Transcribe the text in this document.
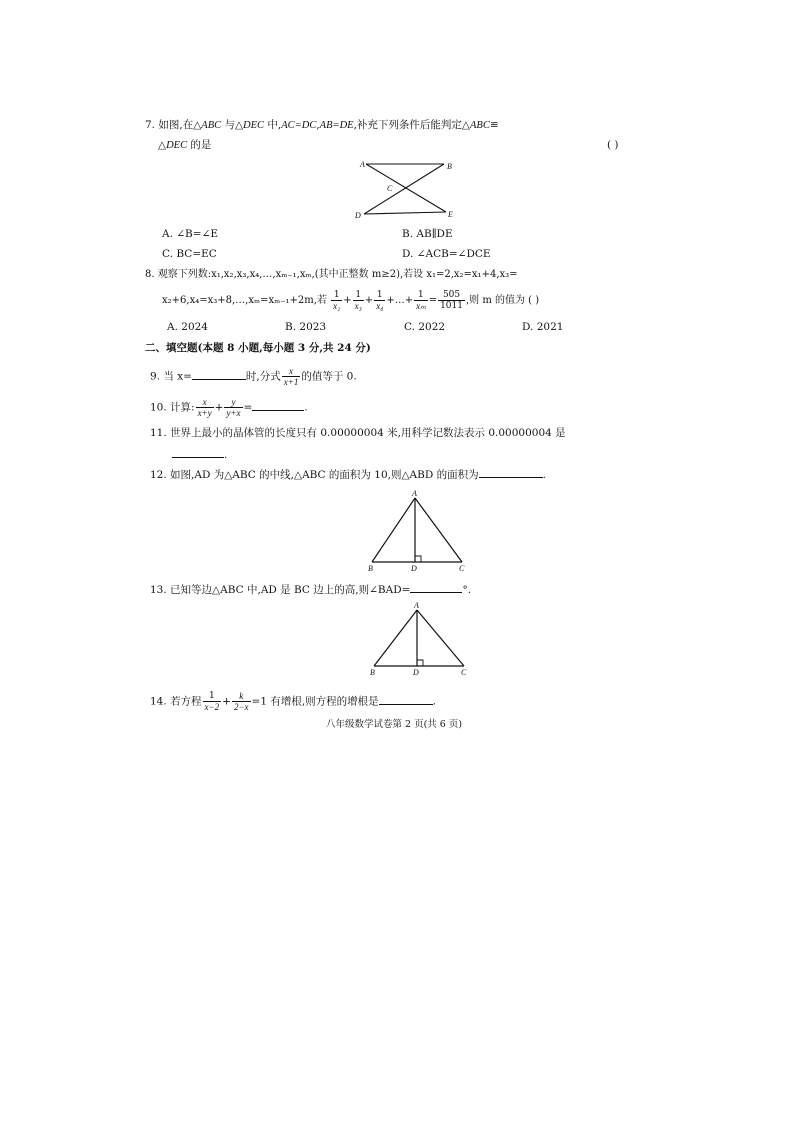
7. 如图,在△ABC 与△DEC 中,AC=DC,AB=DE,补充下列条件后能判定△ABC≌
△DEC 的是	( )
A	B
C
D	E
A. ∠B=∠E	B. AB∥DE
C. BC=EC	D. ∠ACB=∠DCE
8. 观察下列数:x₁,x₂,x₃,x₄,…,xₘ₋₁,xₘ,(其中正整数 m≥2),若设 x₁=2,x₂=x₁+4,x₃=
x₂+6,x₄=x₃+8,…,xₘ=xₘ₋₁+2m,若 $\frac{1}{\text{x₂}} + \frac{1}{\text{x₃}} + \frac{1}{\text{x₄}}$ +…+ $\frac{1}{\text{xₘ}} = \frac{505}{1011}$ ,则 m 的值为 ( )
A. 2024	B. 2023	C. 2022	D. 2021
二、填空题(本题 8 小题,每小题 3 分,共 24 分)
9. 当 x=	时,分式 $\frac{x}{x+1}$ 的值等于 0.
10. 计算: $\frac{x}{x+y} + \frac{y}{y+x}$ =	.
11. 世界上最小的晶体管的长度只有 0.00000004 米,用科学记数法表示 0.00000004 是
.
12. 如图,AD 为△ABC 的中线,△ABC 的面积为 10,则△ABD 的面积为	.
A
B	D	C
13. 已知等边△ABC 中,AD 是 BC 边上的高,则∠BAD=	°.
A
B	D	C
14. 若方程 $\frac{1}{x-2} + \frac{k}{2-x} =1$ 有增根,则方程的增根是	.
八年级数学试卷第 2 页(共 6 页)
